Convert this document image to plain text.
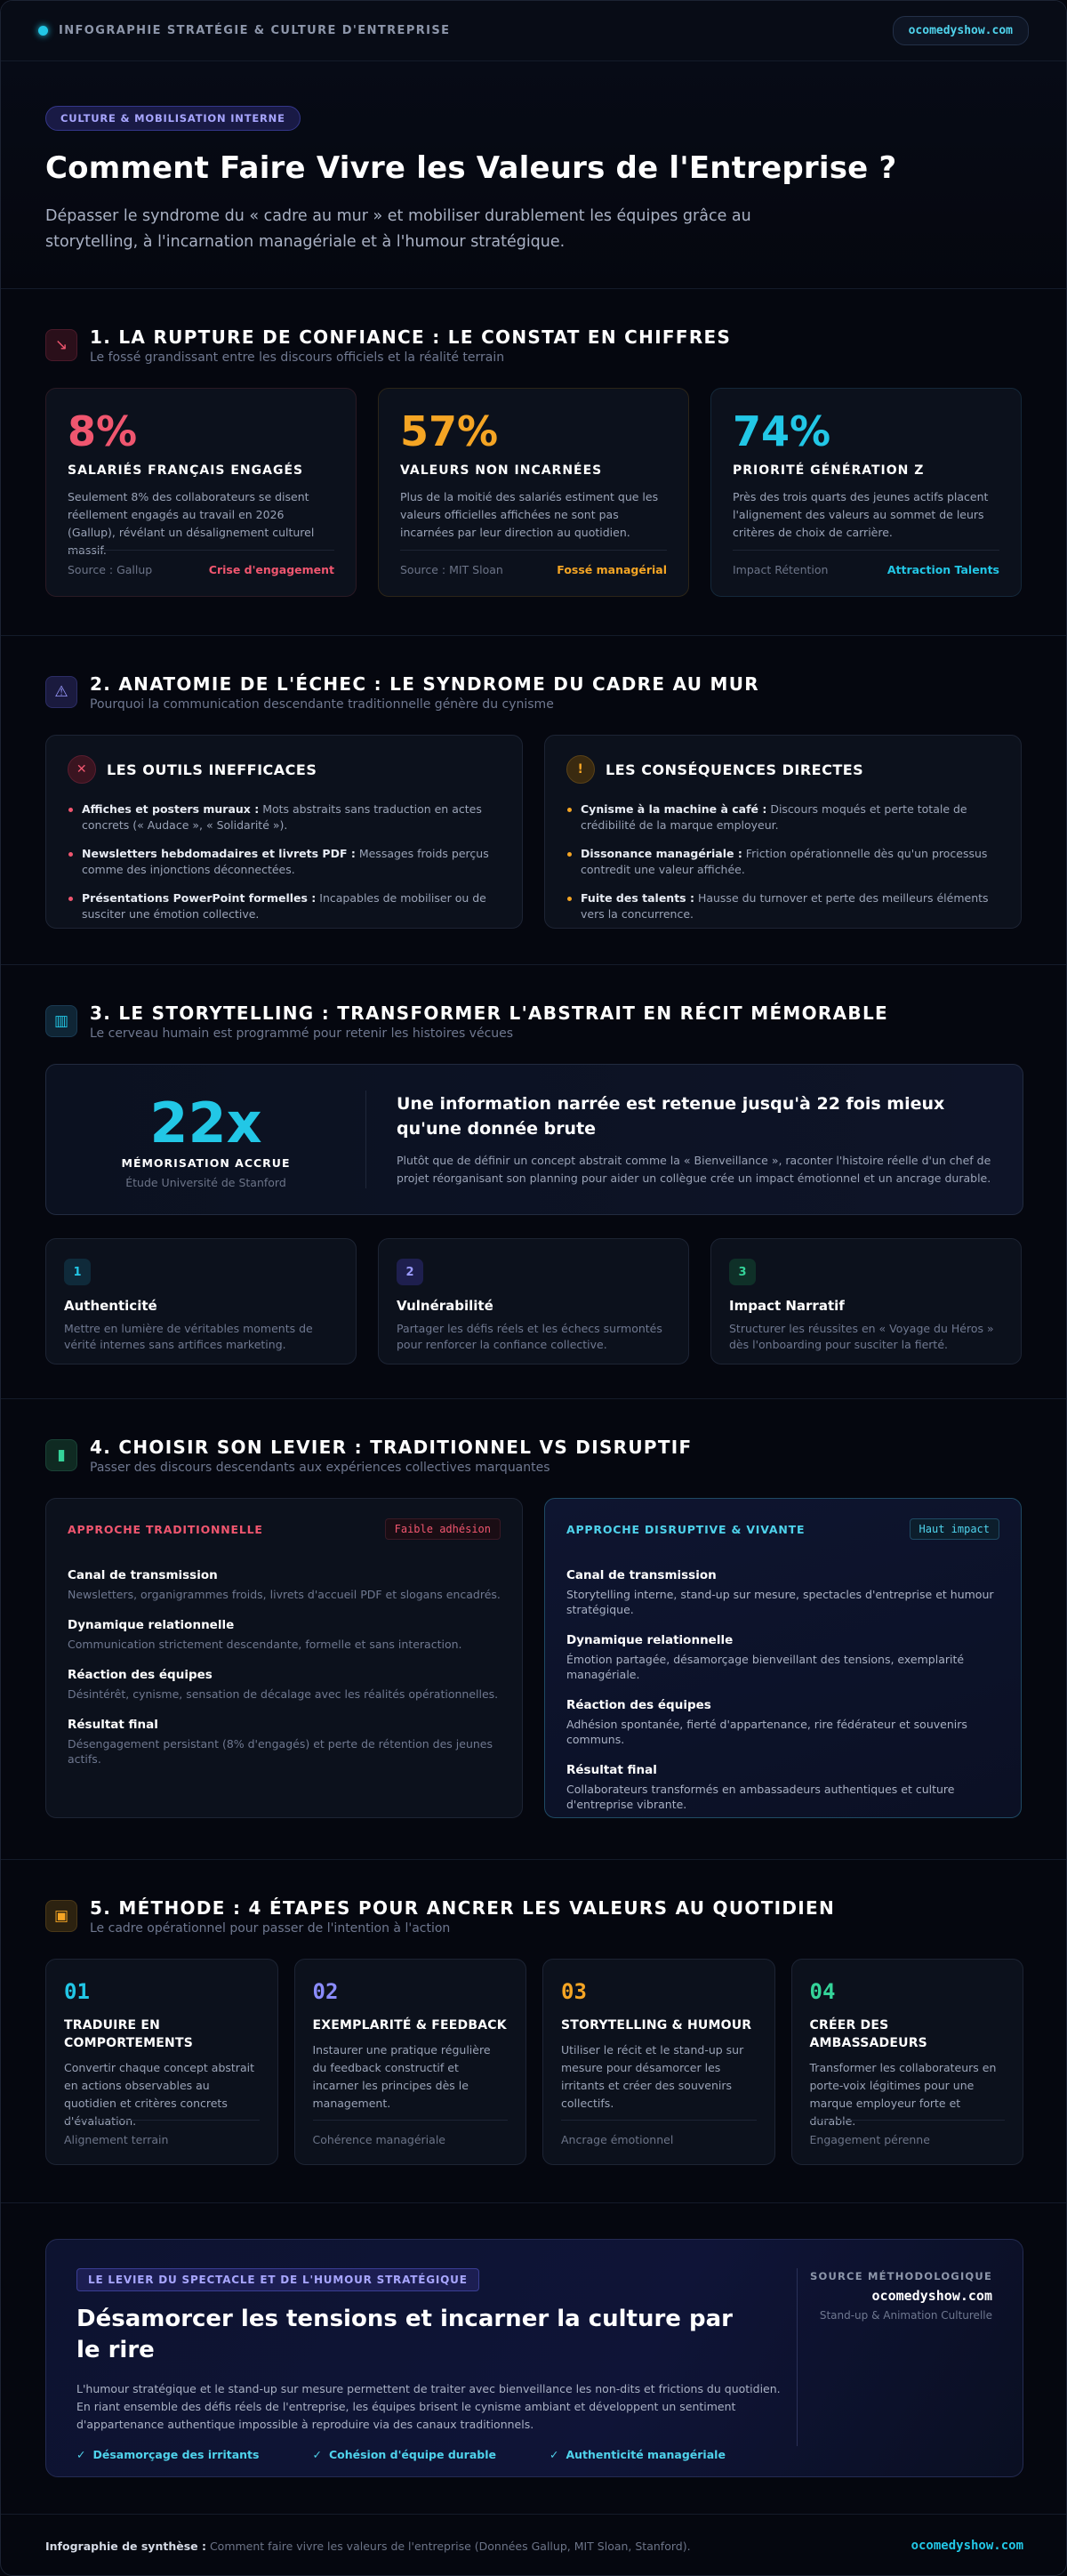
INFOGRAPHIE STRATÉGIE & CULTURE D'ENTREPRISE	ocomedyshow.com
CULTURE & MOBILISATION INTERNE
Comment Faire Vivre les Valeurs de l'Entreprise ?

Dépasser le syndrome du « cadre au mur » et mobiliser durablement les équipes grâce au storytelling, à l'incarnation managériale et à l'humour stratégique.

↘	1. LA RUPTURE DE CONFIANCE : LE CONSTAT EN CHIFFRES
Le fossé grandissant entre les discours officiels et la réalité terrain
8%
SALARIÉS FRANÇAIS ENGAGÉS
Seulement 8% des collaborateurs se disent réellement engagés au travail en 2026 (Gallup), révélant un désalignement culturel massif.
Source : Gallup	Crise d'engagement
57%
VALEURS NON INCARNÉES
Plus de la moitié des salariés estiment que les valeurs officielles affichées ne sont pas incarnées par leur direction au quotidien.
Source : MIT Sloan	Fossé managérial
74%
PRIORITÉ GÉNÉRATION Z
Près des trois quarts des jeunes actifs placent l'alignement des valeurs au sommet de leurs critères de choix de carrière.
Impact Rétention	Attraction Talents
⚠	2. ANATOMIE DE L'ÉCHEC : LE SYNDROME DU CADRE AU MUR
Pourquoi la communication descendante traditionnelle génère du cynisme
✕	LES OUTILS INEFFICACES
Affiches et posters muraux : Mots abstraits sans traduction en actes concrets (« Audace », « Solidarité »).
Newsletters hebdomadaires et livrets PDF : Messages froids perçus comme des injonctions déconnectées.
Présentations PowerPoint formelles : Incapables de mobiliser ou de susciter une émotion collective.
!	LES CONSÉQUENCES DIRECTES
Cynisme à la machine à café : Discours moqués et perte totale de crédibilité de la marque employeur.
Dissonance managériale : Friction opérationnelle dès qu'un processus contredit une valeur affichée.
Fuite des talents : Hausse du turnover et perte des meilleurs éléments vers la concurrence.
▥	3. LE STORYTELLING : TRANSFORMER L'ABSTRAIT EN RÉCIT MÉMORABLE
Le cerveau humain est programmé pour retenir les histoires vécues
22x
MÉMORISATION ACCRUE
Étude Université de Stanford
Une information narrée est retenue jusqu'à 22 fois mieux qu'une donnée brute

Plutôt que de définir un concept abstrait comme la « Bienveillance », raconter l'histoire réelle d'un chef de projet réorganisant son planning pour aider un collègue crée un impact émotionnel et un ancrage durable.

1
Authenticité

Mettre en lumière de véritables moments de vérité internes sans artifices marketing.

2
Vulnérabilité

Partager les défis réels et les échecs surmontés pour renforcer la confiance collective.

3
Impact Narratif

Structurer les réussites en « Voyage du Héros » dès l'onboarding pour susciter la fierté.

▮	4. CHOISIR SON LEVIER : TRADITIONNEL VS DISRUPTIF
Passer des discours descendants aux expériences collectives marquantes
APPROCHE TRADITIONNELLE	Faible adhésion
Canal de transmission
Newsletters, organigrammes froids, livrets d'accueil PDF et slogans encadrés.
Dynamique relationnelle
Communication strictement descendante, formelle et sans interaction.
Réaction des équipes
Désintérêt, cynisme, sensation de décalage avec les réalités opérationnelles.
Résultat final
Désengagement persistant (8% d'engagés) et perte de rétention des jeunes actifs.
APPROCHE DISRUPTIVE & VIVANTE	Haut impact
Canal de transmission
Storytelling interne, stand-up sur mesure, spectacles d'entreprise et humour stratégique.
Dynamique relationnelle
Émotion partagée, désamorçage bienveillant des tensions, exemplarité managériale.
Réaction des équipes
Adhésion spontanée, fierté d'appartenance, rire fédérateur et souvenirs communs.
Résultat final
Collaborateurs transformés en ambassadeurs authentiques et culture d'entreprise vibrante.
▣	5. MÉTHODE : 4 ÉTAPES POUR ANCRER LES VALEURS AU QUOTIDIEN
Le cadre opérationnel pour passer de l'intention à l'action
01
TRADUIRE EN COMPORTEMENTS

Convertir chaque concept abstrait en actions observables au quotidien et critères concrets d'évaluation.

Alignement terrain
02
EXEMPLARITÉ & FEEDBACK

Instaurer une pratique régulière du feedback constructif et incarner les principes dès le management.

Cohérence managériale
03
STORYTELLING & HUMOUR

Utiliser le récit et le stand-up sur mesure pour désamorcer les irritants et créer des souvenirs collectifs.

Ancrage émotionnel
04
CRÉER DES AMBASSADEURS

Transformer les collaborateurs en porte-voix légitimes pour une marque employeur forte et durable.

Engagement pérenne
LE LEVIER DU SPECTACLE ET DE L'HUMOUR STRATÉGIQUE
Désamorcer les tensions et incarner la culture par le rire

L'humour stratégique et le stand-up sur mesure permettent de traiter avec bienveillance les non-dits et frictions du quotidien. En riant ensemble des défis réels de l'entreprise, les équipes brisent le cynisme ambiant et développent un sentiment d'appartenance authentique impossible à reproduire via des canaux traditionnels.

✓ Désamorçage des irritants	✓ Cohésion d'équipe durable	✓ Authenticité managériale
SOURCE MÉTHODOLOGIQUE
ocomedyshow.com
Stand-up & Animation Culturelle
Infographie de synthèse : Comment faire vivre les valeurs de l'entreprise (Données Gallup, MIT Sloan, Stanford).	ocomedyshow.com
